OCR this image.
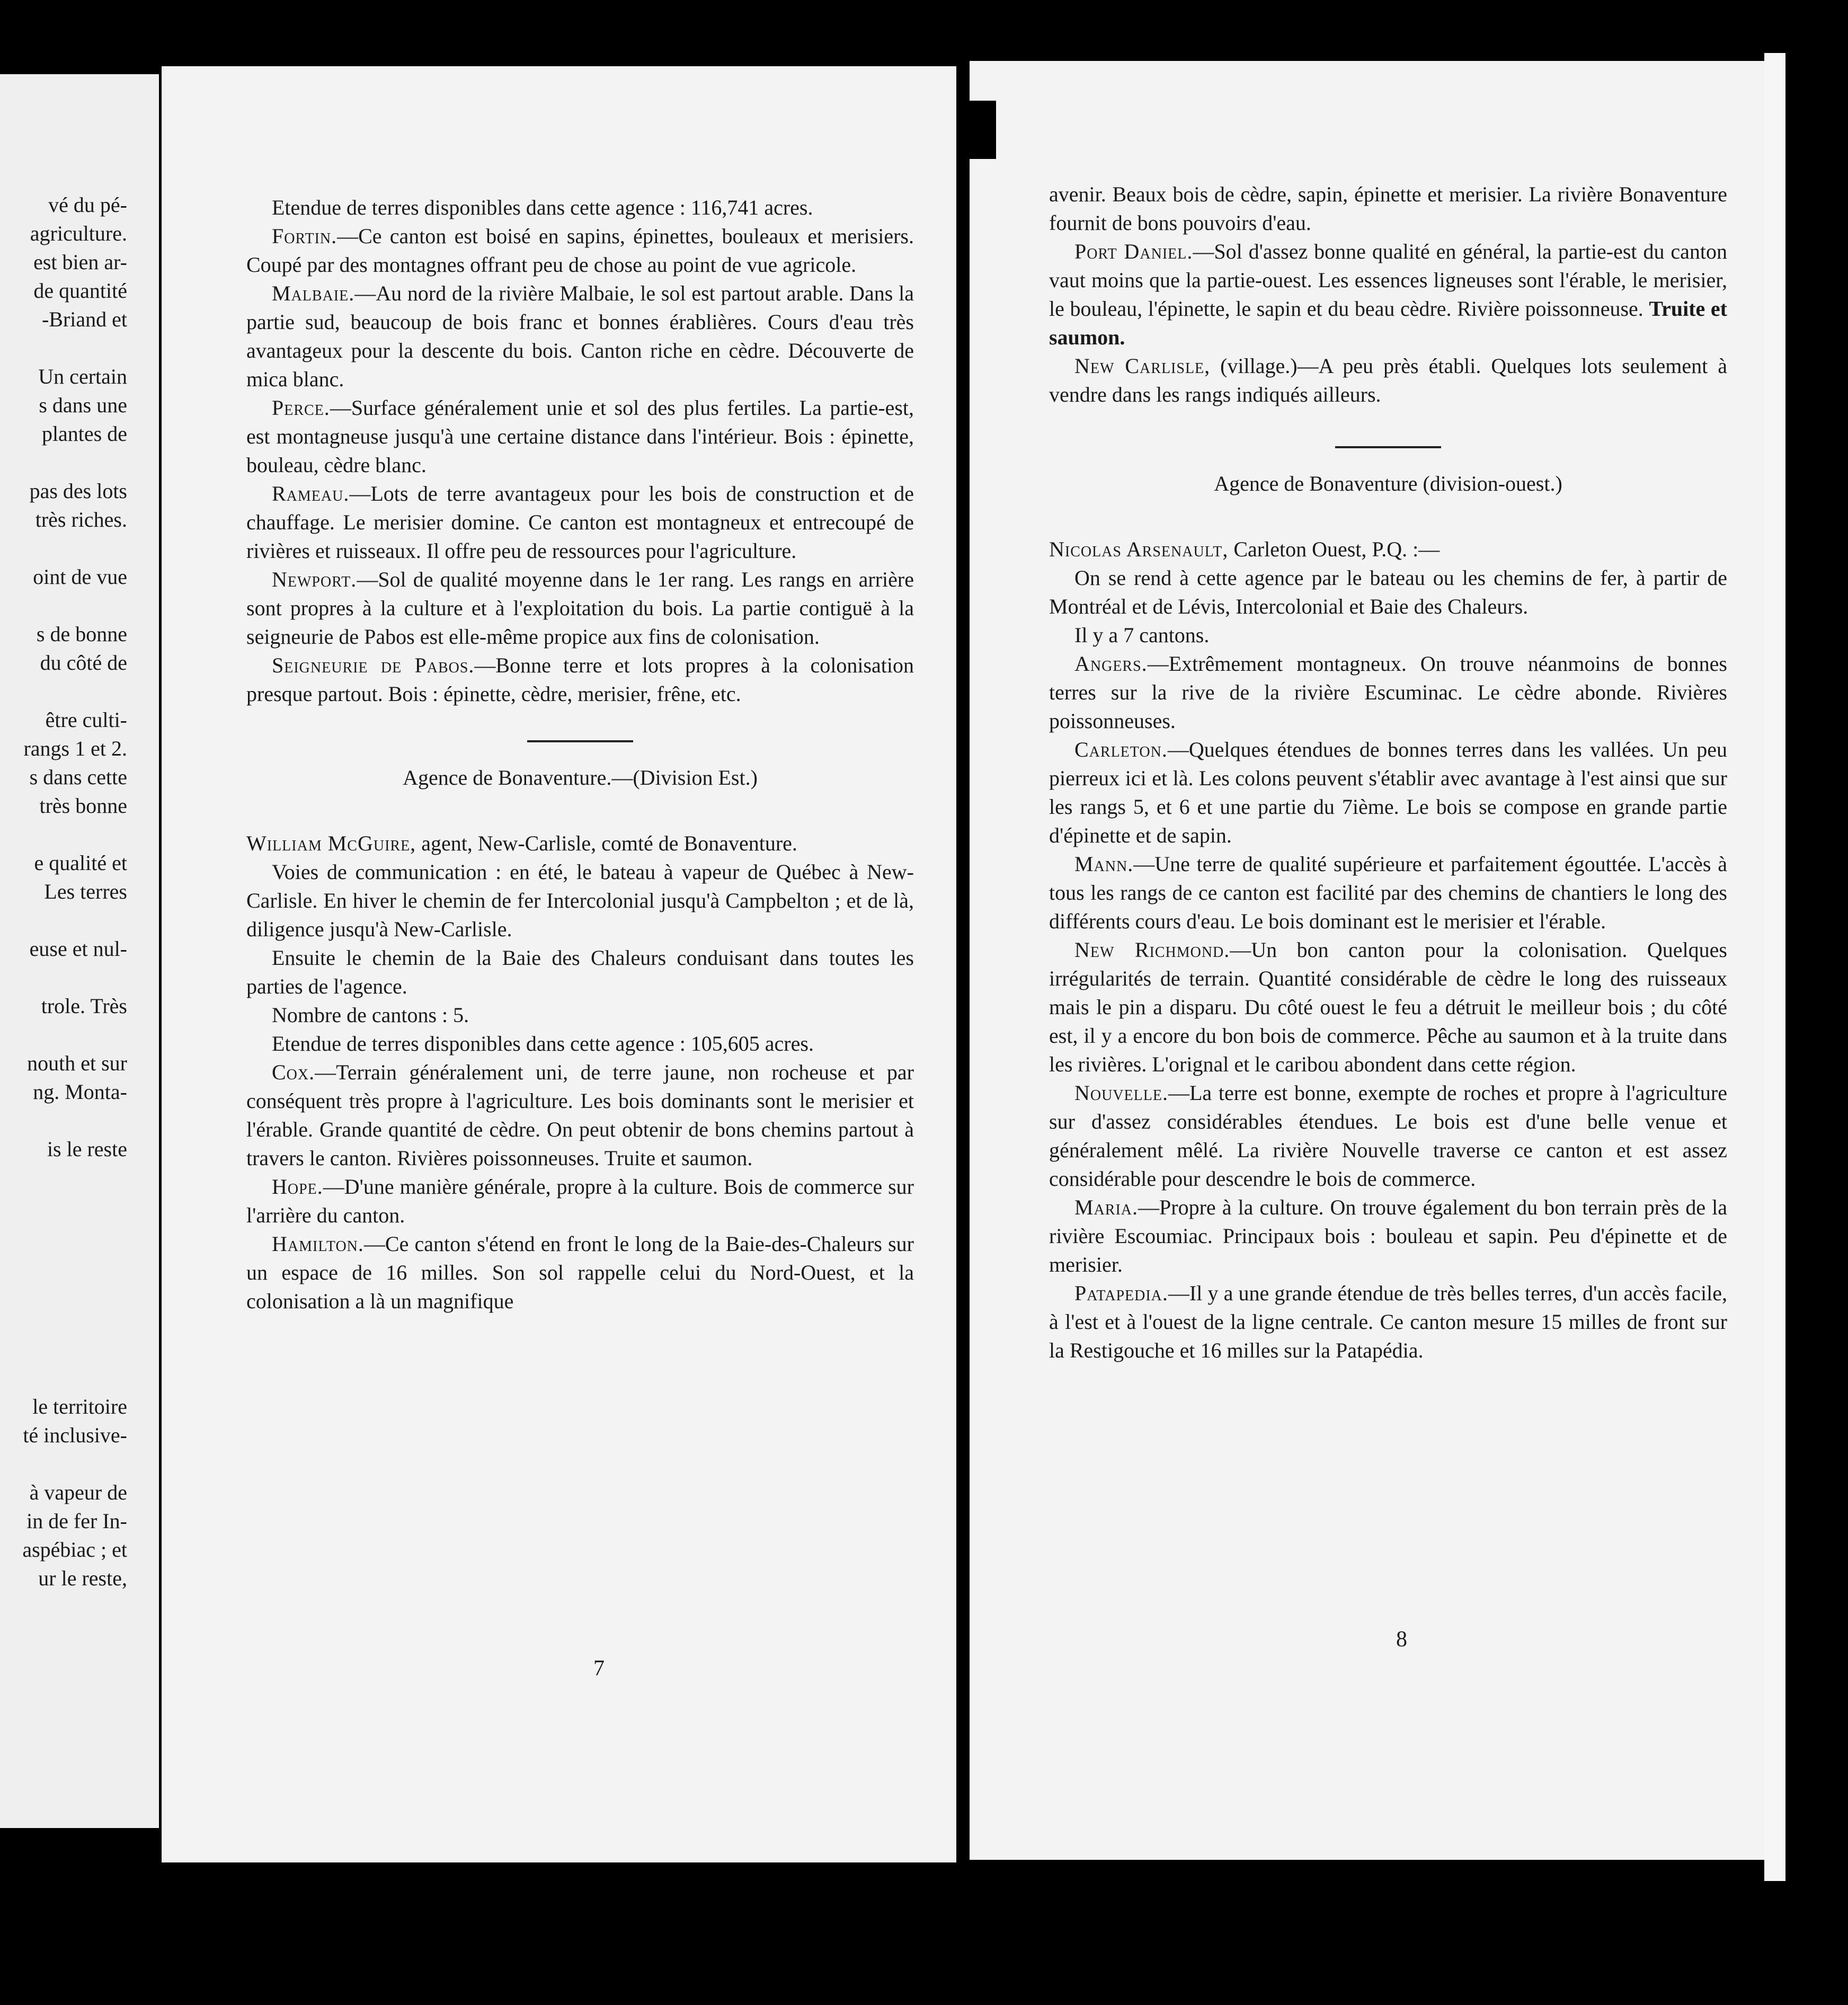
vé du pé-
agriculture.
est bien ar-
de quantité
-Briand et
Un certain
s dans une
plantes de
pas des lots
très riches.
oint de vue
s de bonne
du côté de
être culti-
rangs 1 et 2.
s dans cette
très bonne
e qualité et
Les terres
euse et nul-
trole. Très
nouth et sur
ng. Monta-
is le reste
le territoire
té inclusive-
à vapeur de
in de fer In-
aspébiac ; et
ur le reste,

Etendue de terres disponibles dans cette agence : 116,741 acres.

Fortin.—Ce canton est boisé en sapins, épinettes, bouleaux et merisiers. Coupé par des montagnes offrant peu de chose au point de vue agricole.

Malbaie.—Au nord de la rivière Malbaie, le sol est partout arable. Dans la partie sud, beaucoup de bois franc et bonnes érablières. Cours d'eau très avantageux pour la descente du bois. Canton riche en cèdre. Découverte de mica blanc.

Perce.—Surface généralement unie et sol des plus fertiles. La partie-est, est montagneuse jusqu'à une certaine distance dans l'intérieur. Bois : épinette, bouleau, cèdre blanc.

Rameau.—Lots de terre avantageux pour les bois de construction et de chauffage. Le merisier domine. Ce canton est montagneux et entrecoupé de rivières et ruisseaux. Il offre peu de ressources pour l'agriculture.

Newport.—Sol de qualité moyenne dans le 1er rang. Les rangs en arrière sont propres à la culture et à l'exploitation du bois. La partie contiguë à la seigneurie de Pabos est elle-même propice aux fins de colonisation.

Seigneurie de Pabos.—Bonne terre et lots propres à la colonisation presque partout. Bois : épinette, cèdre, merisier, frêne, etc.

Agence de Bonaventure.—(Division Est.)

William McGuire, agent, New-Carlisle, comté de Bonaventure.

Voies de communication : en été, le bateau à vapeur de Québec à New-Carlisle. En hiver le chemin de fer Intercolonial jusqu'à Campbelton ; et de là, diligence jusqu'à New-Carlisle.

Ensuite le chemin de la Baie des Chaleurs conduisant dans toutes les parties de l'agence.

Nombre de cantons : 5.

Etendue de terres disponibles dans cette agence : 105,605 acres.

Cox.—Terrain généralement uni, de terre jaune, non rocheuse et par conséquent très propre à l'agriculture. Les bois dominants sont le merisier et l'érable. Grande quantité de cèdre. On peut obtenir de bons chemins partout à travers le canton. Rivières poissonneuses. Truite et saumon.

Hope.—D'une manière générale, propre à la culture. Bois de commerce sur l'arrière du canton.

Hamilton.—Ce canton s'étend en front le long de la Baie-des-Chaleurs sur un espace de 16 milles. Son sol rappelle celui du Nord-Ouest, et la colonisation a là un magnifique

7

avenir. Beaux bois de cèdre, sapin, épinette et merisier. La rivière Bonaventure fournit de bons pouvoirs d'eau.

Port Daniel.—Sol d'assez bonne qualité en général, la partie-est du canton vaut moins que la partie-ouest. Les essences ligneuses sont l'érable, le merisier, le bouleau, l'épinette, le sapin et du beau cèdre. Rivière poissonneuse. Truite et saumon.

New Carlisle, (village.)—A peu près établi. Quelques lots seulement à vendre dans les rangs indiqués ailleurs.

Agence de Bonaventure (division-ouest.)

Nicolas Arsenault, Carleton Ouest, P.Q. :—

On se rend à cette agence par le bateau ou les chemins de fer, à partir de Montréal et de Lévis, Intercolonial et Baie des Chaleurs.

Il y a 7 cantons.

Angers.—Extrêmement montagneux. On trouve néanmoins de bonnes terres sur la rive de la rivière Escuminac. Le cèdre abonde. Rivières poissonneuses.

Carleton.—Quelques étendues de bonnes terres dans les vallées. Un peu pierreux ici et là. Les colons peuvent s'établir avec avantage à l'est ainsi que sur les rangs 5, et 6 et une partie du 7ième. Le bois se compose en grande partie d'épinette et de sapin.

Mann.—Une terre de qualité supérieure et parfaitement égouttée. L'accès à tous les rangs de ce canton est facilité par des chemins de chantiers le long des différents cours d'eau. Le bois dominant est le merisier et l'érable.

New Richmond.—Un bon canton pour la colonisation. Quelques irrégularités de terrain. Quantité considérable de cèdre le long des ruisseaux mais le pin a disparu. Du côté ouest le feu a détruit le meilleur bois ; du côté est, il y a encore du bon bois de commerce. Pêche au saumon et à la truite dans les rivières. L'orignal et le caribou abondent dans cette région.

Nouvelle.—La terre est bonne, exempte de roches et propre à l'agriculture sur d'assez considérables étendues. Le bois est d'une belle venue et généralement mêlé. La rivière Nouvelle traverse ce canton et est assez considérable pour descendre le bois de commerce.

Maria.—Propre à la culture. On trouve également du bon terrain près de la rivière Escoumiac. Principaux bois : bouleau et sapin. Peu d'épinette et de merisier.

Patapedia.—Il y a une grande étendue de très belles terres, d'un accès facile, à l'est et à l'ouest de la ligne centrale. Ce canton mesure 15 milles de front sur la Restigouche et 16 milles sur la Patapédia.

8
